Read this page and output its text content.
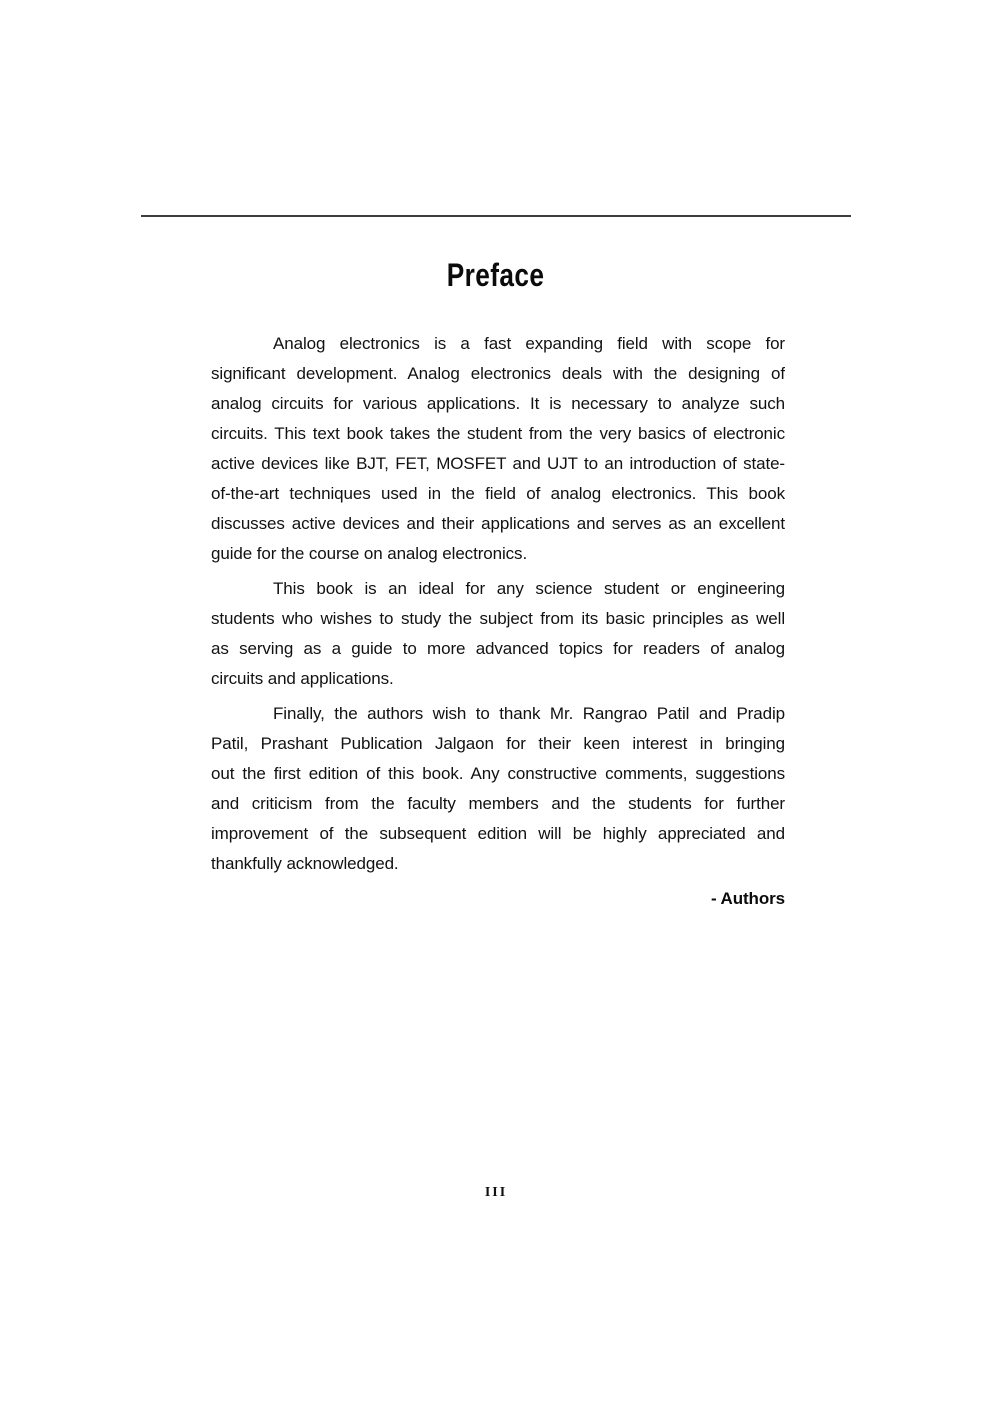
Preface
Analog electronics is a fast expanding field with scope for
significant development. Analog electronics deals with the designing of
analog circuits for various applications. It is necessary to analyze such
circuits. This text book takes the student from the very basics of electronic
active devices like BJT, FET, MOSFET and UJT to an introduction of state-
of-the-art techniques used in the field of analog electronics. This book
discusses active devices and their applications and serves as an excellent
guide for the course on analog electronics.
This book is an ideal for any science student or engineering
students who wishes to study the subject from its basic principles as well
as serving as a guide to more advanced topics for readers of analog
circuits and applications.
Finally, the authors wish to thank Mr. Rangrao Patil and Pradip
Patil, Prashant Publication Jalgaon for their keen interest in bringing
out the first edition of this book. Any constructive comments, suggestions
and criticism from the faculty members and the students for further
improvement of the subsequent edition will be highly appreciated and
thankfully acknowledged.
- Authors
III
